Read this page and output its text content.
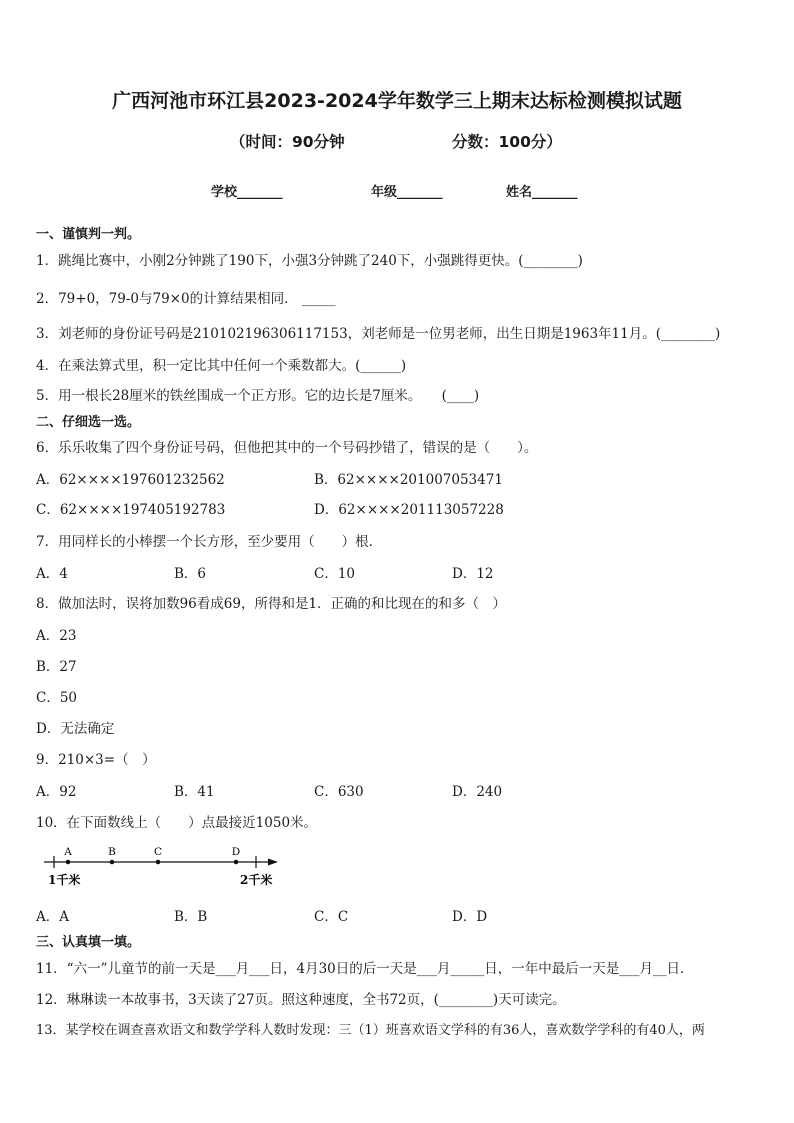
广西河池市环江县2023-2024学年数学三上期末达标检测模拟试题
（时间：90分钟	分数：100分）
学校_______	年级_______	姓名_______
一、谨慎判一判。
1．跳绳比赛中，小刚2分钟跳了190下，小强3分钟跳了240下，小强跳得更快。(________)
2．79+0，79-0与79×0的计算结果相同． _____
3．刘老师的身份证号码是210102196306117153，刘老师是一位男老师，出生日期是1963年11月。(________)
4．在乘法算式里，积一定比其中任何一个乘数都大。(______)
5．用一根长28厘米的铁丝围成一个正方形。它的边长是7厘米。　　(____)
二、仔细选一选。
6．乐乐收集了四个身份证号码，但他把其中的一个号码抄错了，错误的是（　　）。
A．62××××197601232562	B．62××××201007053471
C．62××××197405192783	D．62××××201113057228
7．用同样长的小棒摆一个长方形，至少要用（　　）根．
A．4	B．6	C．10	D．12
8．做加法时，误将加数96看成69，所得和是1．正确的和比现在的和多（　）
A．23
B．27
C．50
D．无法确定
9．210×3=（　）
A．92	B．41	C．630	D．240
10．在下面数线上（　　）点最接近1050米。
A	B	C	D
1千米	2千米
A．A	B．B	C．C	D．D
三、认真填一填。
11．“六一”儿童节的前一天是___月___日，4月30日的后一天是___月_____日，一年中最后一天是___月__日．
12．琳琳读一本故事书，3天读了27页。照这种速度，全书72页，(________)天可读完。
13．某学校在调查喜欢语文和数学学科人数时发现：三（1）班喜欢语文学科的有36人，喜欢数学学科的有40人，两
